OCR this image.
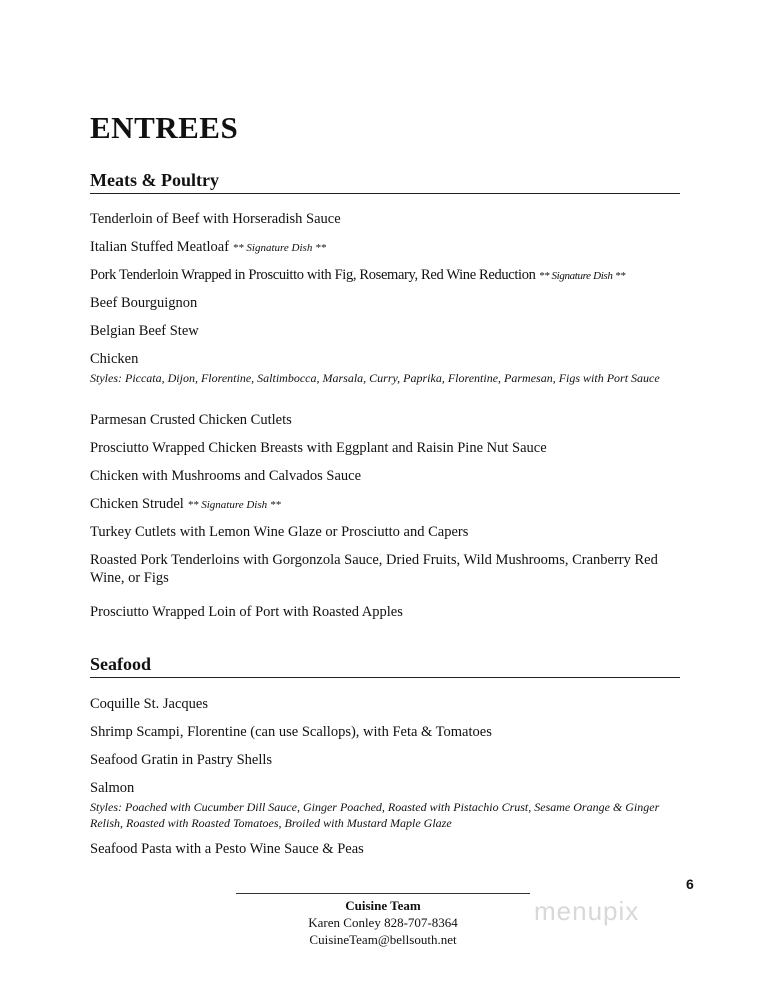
ENTREES
Meats & Poultry
Tenderloin of Beef with Horseradish Sauce
Italian Stuffed Meatloaf ** Signature Dish **
Pork Tenderloin Wrapped in Proscuitto with Fig, Rosemary, Red Wine Reduction ** Signature Dish **
Beef Bourguignon
Belgian Beef Stew
Chicken
Styles: Piccata, Dijon, Florentine, Saltimbocca, Marsala, Curry, Paprika, Florentine, Parmesan, Figs with Port Sauce
Parmesan Crusted Chicken Cutlets
Prosciutto Wrapped Chicken Breasts with Eggplant and Raisin Pine Nut Sauce
Chicken with Mushrooms and Calvados Sauce
Chicken Strudel ** Signature Dish **
Turkey Cutlets with Lemon Wine Glaze or Prosciutto and Capers
Roasted Pork Tenderloins with Gorgonzola Sauce, Dried Fruits, Wild Mushrooms, Cranberry Red Wine, or Figs
Prosciutto Wrapped Loin of Port with Roasted Apples
Seafood
Coquille St. Jacques
Shrimp Scampi, Florentine (can use Scallops), with Feta & Tomatoes
Seafood Gratin in Pastry Shells
Salmon
Styles: Poached with Cucumber Dill Sauce, Ginger Poached, Roasted with Pistachio Crust, Sesame Orange & Ginger Relish, Roasted with Roasted Tomatoes, Broiled with Mustard Maple Glaze
Seafood Pasta with a Pesto Wine Sauce & Peas
6
Cuisine Team
Karen Conley 828-707-8364
CuisineTeam@bellsouth.net
menupix
